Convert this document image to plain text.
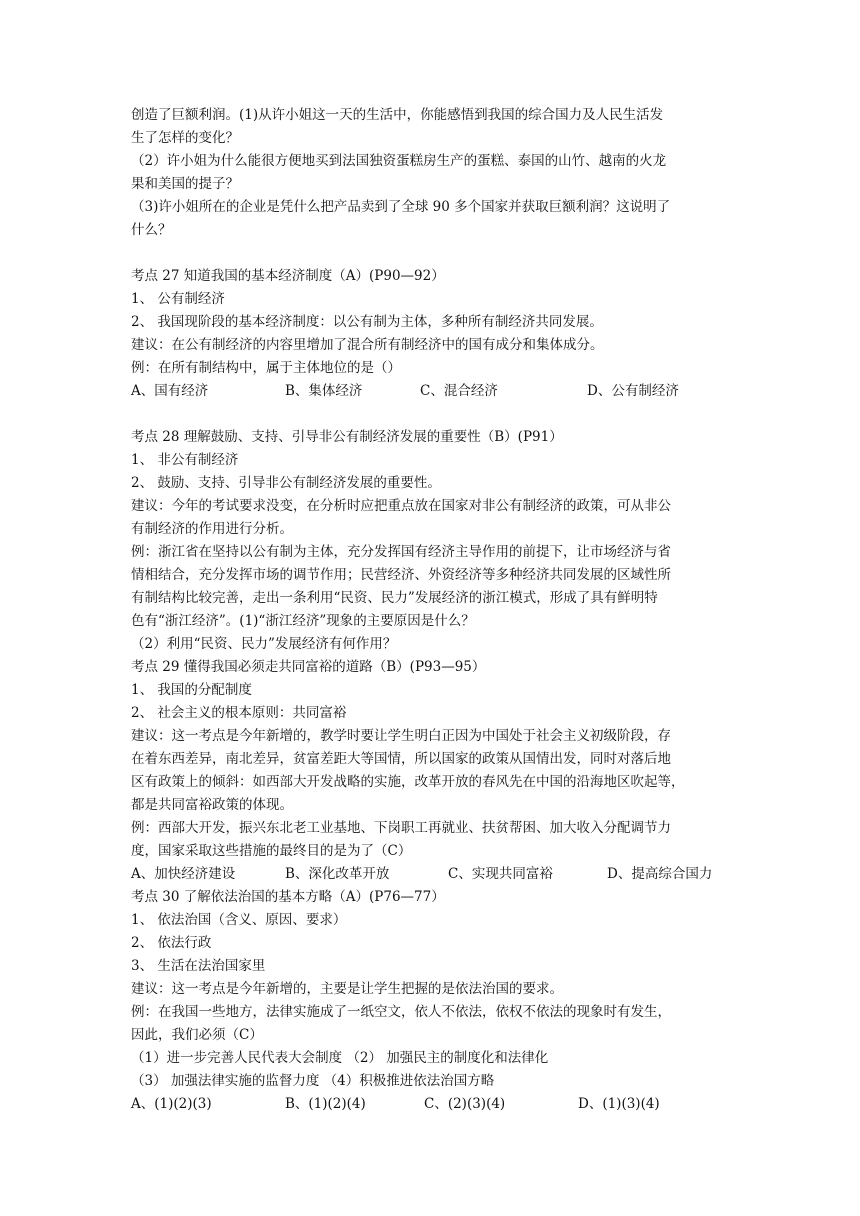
创造了巨额利润。(1)从许小姐这一天的生活中，你能感悟到我国的综合国力及人民生活发
生了怎样的变化？
（2）许小姐为什么能很方便地买到法国独资蛋糕房生产的蛋糕、泰国的山竹、越南的火龙
果和美国的提子？
（3)许小姐所在的企业是凭什么把产品卖到了全球 90 多个国家并获取巨额利润？这说明了
什么？
考点 27 知道我国的基本经济制度（A）(P90—92）
1、 公有制经济
2、 我国现阶段的基本经济制度：以公有制为主体，多种所有制经济共同发展。
建议：在公有制经济的内容里增加了混合所有制经济中的国有成分和集体成分。
例：在所有制结构中，属于主体地位的是（）
A、国有经济	B、集体经济	C、混合经济	D、公有制经济
考点 28 理解鼓励、支持、引导非公有制经济发展的重要性（B）(P91）
1、 非公有制经济
2、 鼓励、支持、引导非公有制经济发展的重要性。
建议：今年的考试要求没变，在分析时应把重点放在国家对非公有制经济的政策，可从非公
有制经济的作用进行分析。
例：浙江省在坚持以公有制为主体，充分发挥国有经济主导作用的前提下，让市场经济与省
情相结合，充分发挥市场的调节作用；民营经济、外资经济等多种经济共同发展的区域性所
有制结构比较完善，走出一条利用“民资、民力”发展经济的浙江模式，形成了具有鲜明特
色有“浙江经济”。(1)“浙江经济”现象的主要原因是什么？
（2）利用“民资、民力”发展经济有何作用？
考点 29 懂得我国必须走共同富裕的道路（B）(P93—95）
1、 我国的分配制度
2、 社会主义的根本原则：共同富裕
建议：这一考点是今年新增的，教学时要让学生明白正因为中国处于社会主义初级阶段，存
在着东西差异，南北差异，贫富差距大等国情，所以国家的政策从国情出发，同时对落后地
区有政策上的倾斜：如西部大开发战略的实施，改革开放的春风先在中国的沿海地区吹起等，
都是共同富裕政策的体现。
例：西部大开发，振兴东北老工业基地、下岗职工再就业、扶贫帮困、加大收入分配调节力
度，国家采取这些措施的最终目的是为了（C）
A、加快经济建设	B、深化改革开放	C、实现共同富裕	D、提高综合国力
考点 30 了解依法治国的基本方略（A）(P76—77）
1、 依法治国（含义、原因、要求）
2、 依法行政
3、 生活在法治国家里
建议：这一考点是今年新增的，主要是让学生把握的是依法治国的要求。
例：在我国一些地方，法律实施成了一纸空文，依人不依法，依权不依法的现象时有发生，
因此，我们必须（C）
（1）进一步完善人民代表大会制度 （2） 加强民主的制度化和法律化
（3） 加强法律实施的监督力度 （4）积极推进依法治国方略
A、(1)(2)(3)	B、(1)(2)(4)	C、(2)(3)(4)	D、(1)(3)(4)
